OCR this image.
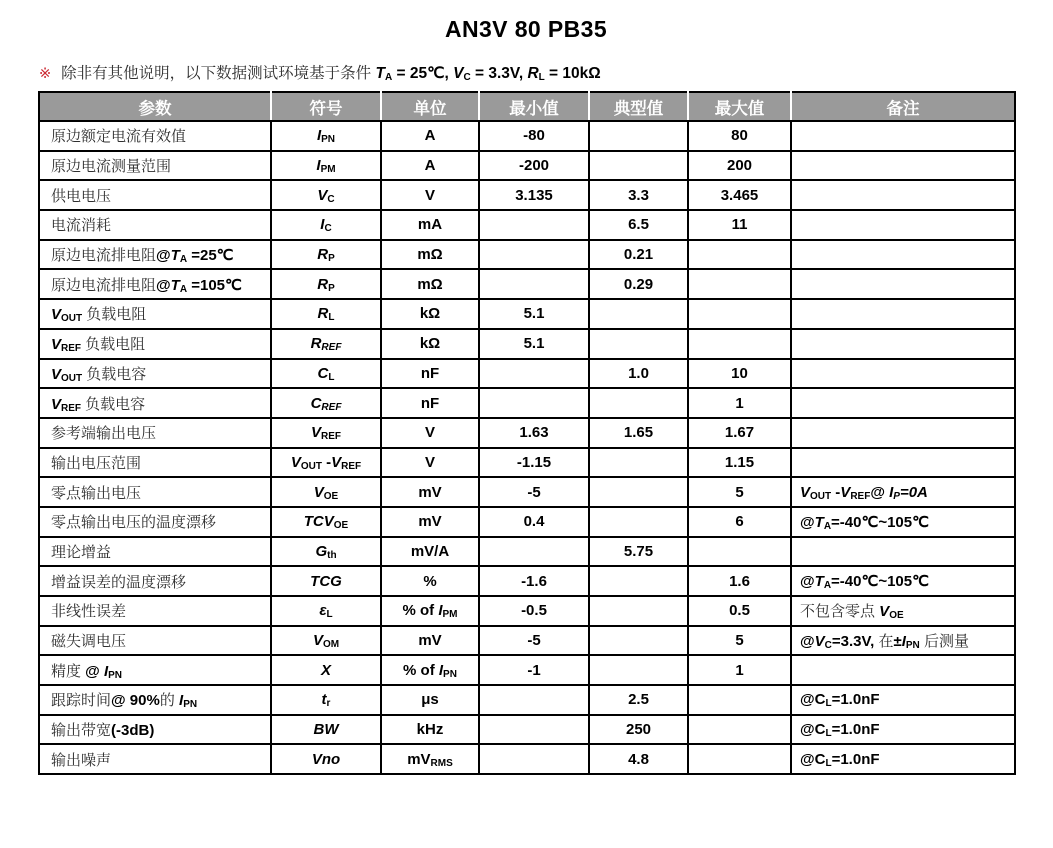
AN3V 80 PB35
※ 除非有其他说明，以下数据测试环境基于条件 $T_A$ = 25℃, $V_C = 3.3V$, $R_L = 10k\Omega$
参数	符号	单位	最小值	典型值	最大值	备注
原边额定电流有效值	$I_{PN}$	A	-80		80	
原边电流测量范围	$I_{PM}$	A	-200		200	
供电电压	$V_C$	V	3.135	3.3	3.465	
电流消耗	$I_C$	mA		6.5	11	
原边电流排电阻$@T_A$ =25℃	$R_P$	mΩ		0.21		
原边电流排电阻$@T_A$ =105℃	$R_P$	mΩ		0.29		
$V_{OUT}$ 负载电阻	$R_L$	kΩ	5.1			
$V_{REF}$ 负载电阻	$R_{REF}$	kΩ	5.1			
$V_{OUT}$ 负载电容	$C_L$	nF		1.0	10	
$V_{REF}$ 负载电容	$C_{REF}$	nF			1	
参考端输出电压	$V_{REF}$	V	1.63	1.65	1.67	
输出电压范围	$V_{OUT}$ $-V_{REF}$	V	-1.15		1.15	
零点输出电压	$V_{OE}$	mV	-5		5	$V_{OUT}$ $-V_{REF}@$ $I_P=0A$
零点输出电压的温度漂移	$TCV_{OE}$	mV	0.4		6	$@T_A=-40℃\sim 105℃$
理论增益	$G_{th}$	mV/A		5.75		
增益误差的温度漂移	TCG	%	-1.6		1.6	$@T_A=-40℃\sim 105℃$
非线性误差	$\varepsilon_L$	% of $I_{PM}$	-0.5		0.5	不包含零点 $V_{OE}$
磁失调电压	$V_{OM}$	mV	-5		5	$@V_C=3.3V$, 在$\pm I_{PN}$ 后测量
精度 @ $I_{PN}$	X	% of $I_{PN}$	-1		1	
跟踪时间@ 90%的 $I_{PN}$	$t_r$	μs		2.5		$@C_L=1.0nF$
输出带宽(-3dB)	BW	kHz		250		$@C_L=1.0nF$
输出噪声	Vno	$mV_{RMS}$		4.8		$@C_L=1.0nF$
